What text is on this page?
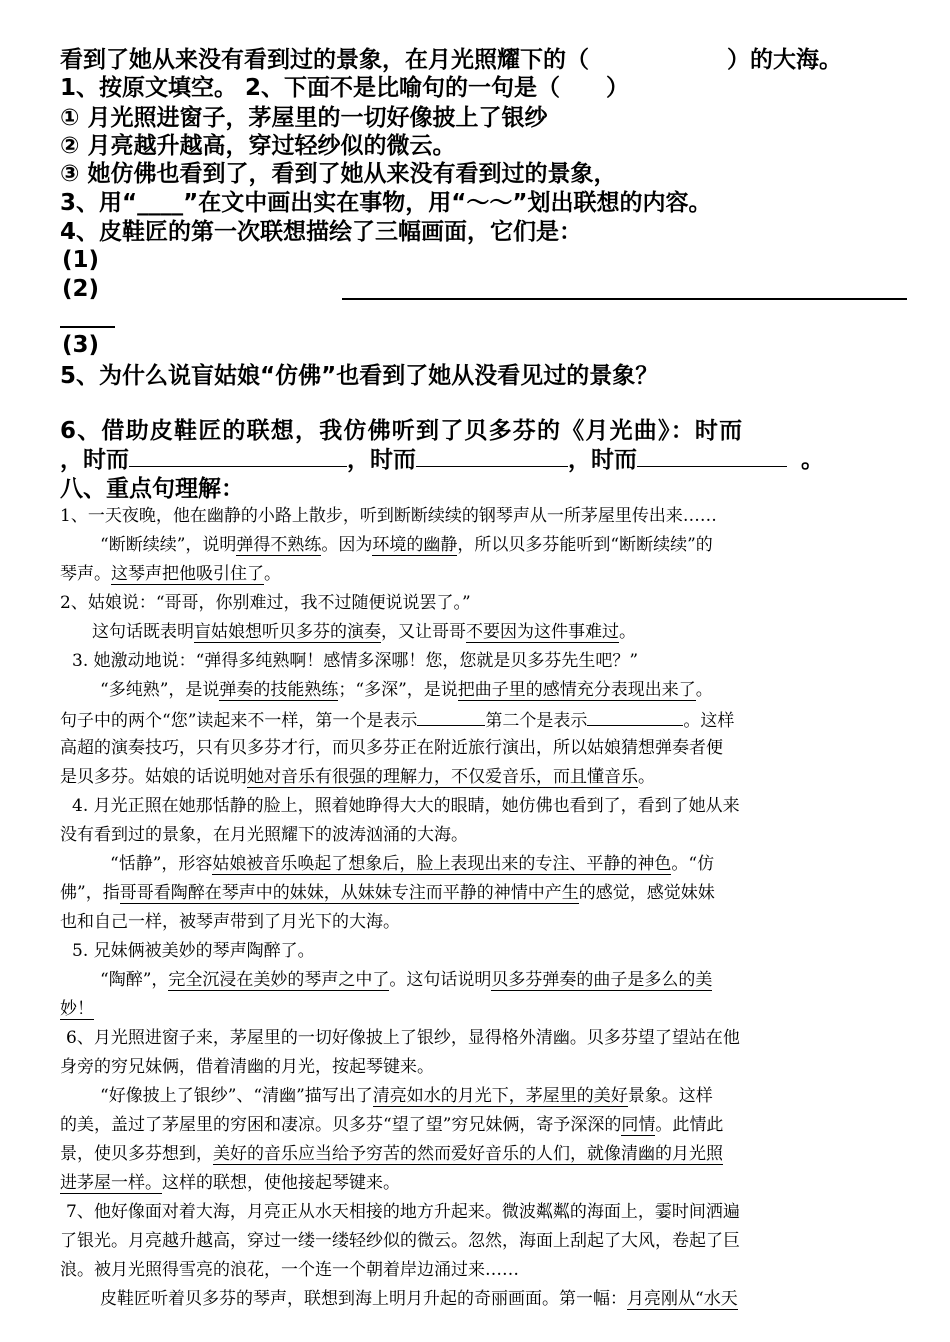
看到了她从来没有看到过的景象，在月光照耀下的（　　　　　　）的大海。
1、按原文填空。 2、下面不是比喻句的一句是（　　）
① 月光照进窗子，茅屋里的一切好像披上了银纱
② 月亮越升越高，穿过轻纱似的微云。
③ 她仿佛也看到了，看到了她从来没有看到过的景象，
3、用“____”在文中画出实在事物，用“～～”划出联想的内容。
4、皮鞋匠的第一次联想描绘了三幅画面，它们是：
(1)
(2)
(3)
5、为什么说盲姑娘“仿佛”也看到了她从没看见过的景象？
6、借助皮鞋匠的联想，我仿佛听到了贝多芬的《月光曲》：时而
，时而	，时而	，时而	。
八、重点句理解：
1、一天夜晚，他在幽静的小路上散步，听到断断续续的钢琴声从一所茅屋里传出来……
“断断续续”，说明弹得不熟练。因为环境的幽静，所以贝多芬能听到“断断续续”的
琴声。这琴声把他吸引住了。
2、姑娘说：“哥哥，你别难过，我不过随便说说罢了。”
这句话既表明盲姑娘想听贝多芬的演奏，又让哥哥不要因为这件事难过。
3. 她激动地说：“弹得多纯熟啊！感情多深哪！您，您就是贝多芬先生吧？”
“多纯熟”，是说弹奏的技能熟练；“多深”，是说把曲子里的感情充分表现出来了。
句子中的两个“您”读起来不一样，第一个是表示	第二个是表示	。这样
高超的演奏技巧，只有贝多芬才行，而贝多芬正在附近旅行演出，所以姑娘猜想弹奏者便
是贝多芬。姑娘的话说明她对音乐有很强的理解力，不仅爱音乐，而且懂音乐。
4. 月光正照在她那恬静的脸上，照着她睁得大大的眼睛，她仿佛也看到了，看到了她从来
没有看到过的景象，在月光照耀下的波涛汹涌的大海。
“恬静”，形容姑娘被音乐唤起了想象后，脸上表现出来的专注、平静的神色。“仿
佛”，指哥哥看陶醉在琴声中的妹妹，从妹妹专注而平静的神情中产生的感觉，感觉妹妹
也和自己一样，被琴声带到了月光下的大海。
5. 兄妹俩被美妙的琴声陶醉了。
“陶醉”，完全沉浸在美妙的琴声之中了。这句话说明贝多芬弹奏的曲子是多么的美
妙！
6、月光照进窗子来，茅屋里的一切好像披上了银纱，显得格外清幽。贝多芬望了望站在他
身旁的穷兄妹俩，借着清幽的月光，按起琴键来。
“好像披上了银纱”、“清幽”描写出了清亮如水的月光下，茅屋里的美好景象。这样
的美，盖过了茅屋里的穷困和凄凉。贝多芬“望了望”穷兄妹俩，寄予深深的同情。此情此
景，使贝多芬想到，美好的音乐应当给予穷苦的然而爱好音乐的人们，就像清幽的月光照
进茅屋一样。这样的联想，使他接起琴键来。
7、他好像面对着大海，月亮正从水天相接的地方升起来。微波粼粼的海面上，霎时间洒遍
了银光。月亮越升越高，穿过一缕一缕轻纱似的微云。忽然，海面上刮起了大风，卷起了巨
浪。被月光照得雪亮的浪花，一个连一个朝着岸边涌过来……
皮鞋匠听着贝多芬的琴声，联想到海上明月升起的奇丽画面。第一幅：月亮刚从“水天
